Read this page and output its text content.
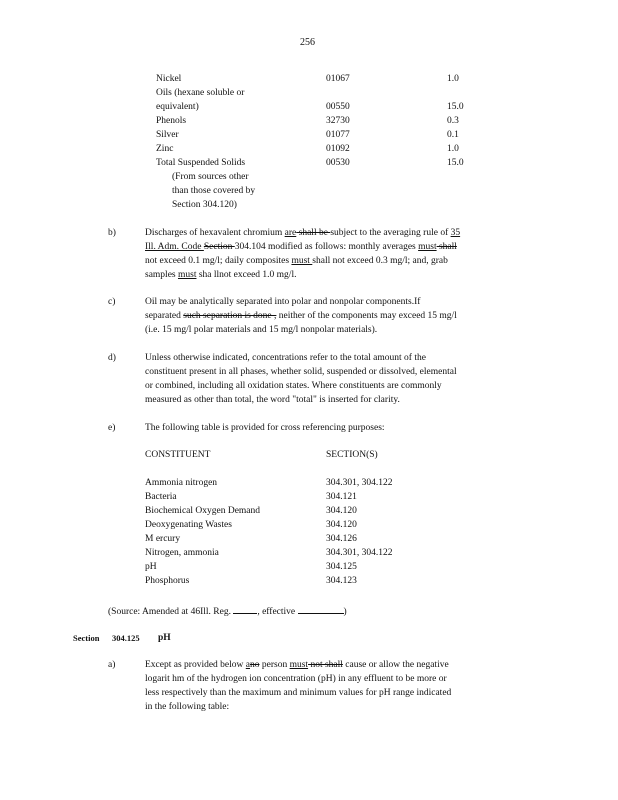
256
Nickel	01067	1.0
Oils (hexane soluble or
equivalent)	00550	15.0
Phenols	32730	0.3
Silver	01077	0.1
Zinc	01092	1.0
Total Suspended Solids	00530	15.0
(From sources other
than those covered by
Section 304.120)
b)	Discharges of hexavalent chromium are shall be subject to the averaging rule of 35
Ill. Adm. Code Section 304.104 modified as follows: monthly averages must shall
not exceed 0.1 mg/l; daily composites must shall not exceed 0.3 mg/l; and, grab
samples must sha llnot exceed 1.0 mg/l.
c)	Oil may be analytically separated into polar and nonpolar components.If
separated such separation is done , neither of the components may exceed 15 mg/l
(i.e. 15 mg/l polar materials and 15 mg/l nonpolar materials).
d)	Unless otherwise indicated, concentrations refer to the total amount of the
constituent present in all phases, whether solid, suspended or dissolved, elemental
or combined, including all oxidation states. Where constituents are commonly
measured as other than total, the word "total" is inserted for clarity.
e)	The following table is provided for cross referencing purposes:
CONSTITUENT	SECTION(S)
Ammonia nitrogen	304.301, 304.122
Bacteria	304.121
Biochemical Oxygen Demand	304.120
Deoxygenating Wastes	304.120
M ercury	304.126
Nitrogen, ammonia	304.301, 304.122
pH	304.125
Phosphorus	304.123
(Source: Amended at 46Ill. Reg.	, effective	)
Section 304.125 pH
a)	Except as provided below ano person must not shall cause or allow the negative
logarit hm of the hydrogen ion concentration (pH) in any effluent to be more or
less respectively than the maximum and minimum values for pH range indicated
in the following table:
